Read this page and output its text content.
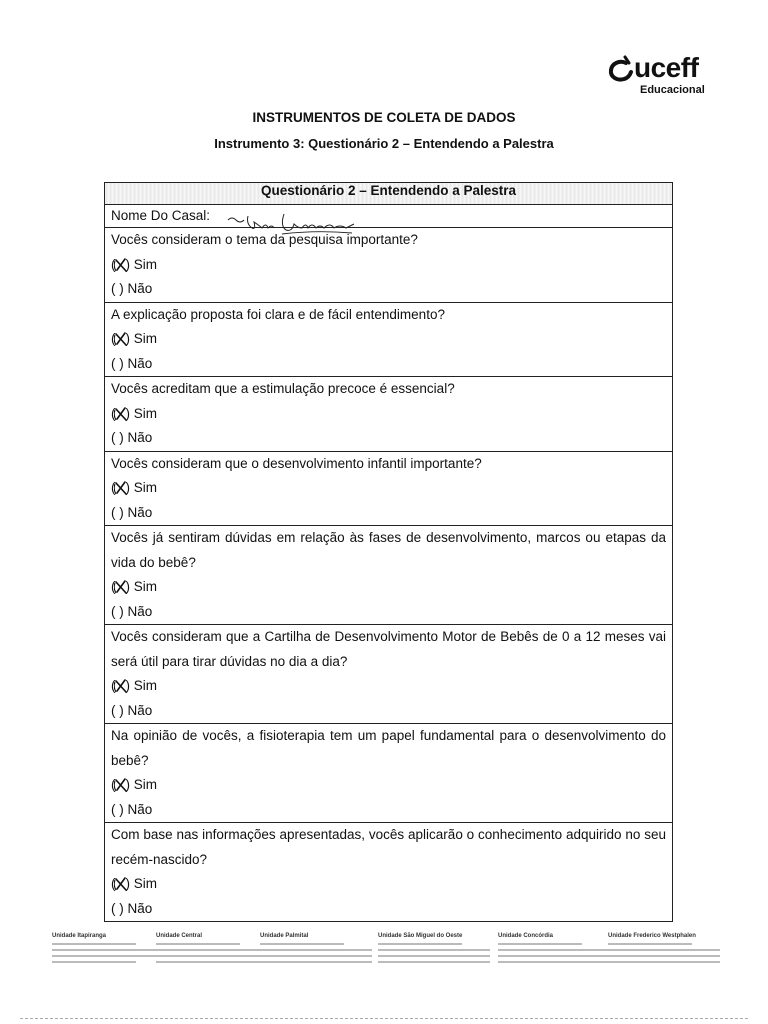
uceff
Educacional
INSTRUMENTOS DE COLETA DE DADOS
Instrumento 3: Questionário 2 – Entendendo a Palestra
Questionário 2 – Entendendo a Palestra
Nome Do Casal:

Vocês consideram o tema da pesquisa importante?
( ) Sim
( ) Não

A explicação proposta foi clara e de fácil entendimento?
( ) Sim
( ) Não

Vocês acreditam que a estimulação precoce é essencial?
( ) Sim
( ) Não

Vocês consideram que o desenvolvimento infantil importante?
( ) Sim
( ) Não

Vocês já sentiram dúvidas em relação às fases de desenvolvimento, marcos ou etapas da vida do bebê?
( ) Sim
( ) Não

Vocês consideram que a Cartilha de Desenvolvimento Motor de Bebês de 0 a 12 meses vai será útil para tirar dúvidas no dia a dia?
( ) Sim
( ) Não

Na opinião de vocês, a fisioterapia tem um papel fundamental para o desenvolvimento do bebê?
( ) Sim
( ) Não

Com base nas informações apresentadas, vocês aplicarão o conhecimento adquirido no seu recém-nascido?
( ) Sim
( ) Não
Unidade Itapiranga	Unidade Central	Unidade Palmital	Unidade São Miguel do Oeste	Unidade Concórdia	Unidade Frederico Westphalen
